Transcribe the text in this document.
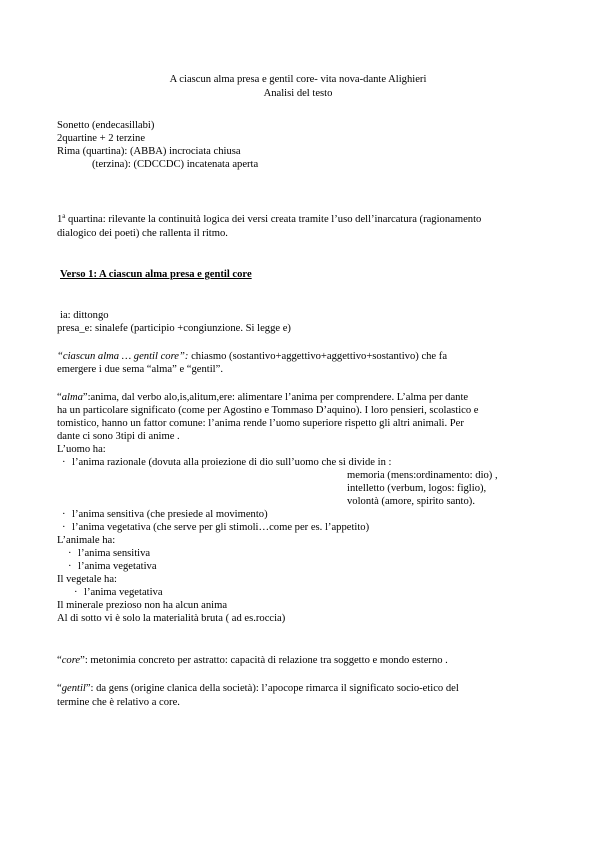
A ciascun alma presa e gentil core- vita nova-dante Alighieri
Analisi del testo
Sonetto (endecasillabi)
2quartine + 2 terzine
Rima (quartina): (ABBA) incrociata chiusa
(terzina): (CDCCDC) incatenata aperta
1$^a$ quartina: rilevante la continuità logica dei versi creata tramite l’uso dell’inarcatura (ragionamento
dialogico dei poeti) che rallenta il ritmo.
Verso 1: A ciascun alma presa e gentil core
ia: dittongo
presa_e: sinalefe (participio +congiunzione. Si legge e)
“ciascun alma … gentil core”: chiasmo (sostantivo+aggettivo+aggettivo+sostantivo) che fa
emergere i due sema “alma” e “gentil”.
“alma”:anima, dal verbo alo,is,alitum,ere: alimentare l’anima per comprendere. L’alma per dante
ha un particolare significato (come per Agostino e Tommaso D’aquino). I loro pensieri, scolastico e
tomistico, hanno un fattor comune: l’anima rende l’uomo superiore rispetto gli altri animali. Per
dante ci sono 3tipi di anime .
L’uomo ha:
· l’anima razionale (dovuta alla proiezione di dio sull’uomo che si divide in :
memoria (mens:ordinamento: dio) ,
intelletto (verbum, logos: figlio),
volontà (amore, spirito santo).
· l’anima sensitiva (che presiede al movimento)
· l’anima vegetativa (che serve per gli stimoli…come per es. l’appetito)
L’animale ha:
· l’anima sensitiva
· l’anima vegetativa
Il vegetale ha:
· l’anima vegetativa
Il minerale prezioso non ha alcun anima
Al di sotto vi è solo la materialità bruta ( ad es.roccia)
“core”: metonimia concreto per astratto: capacità di relazione tra soggetto e mondo esterno .
“gentil”: da gens (origine clanica della società): l’apocope rimarca il significato socio-etico del
termine che è relativo a core.
